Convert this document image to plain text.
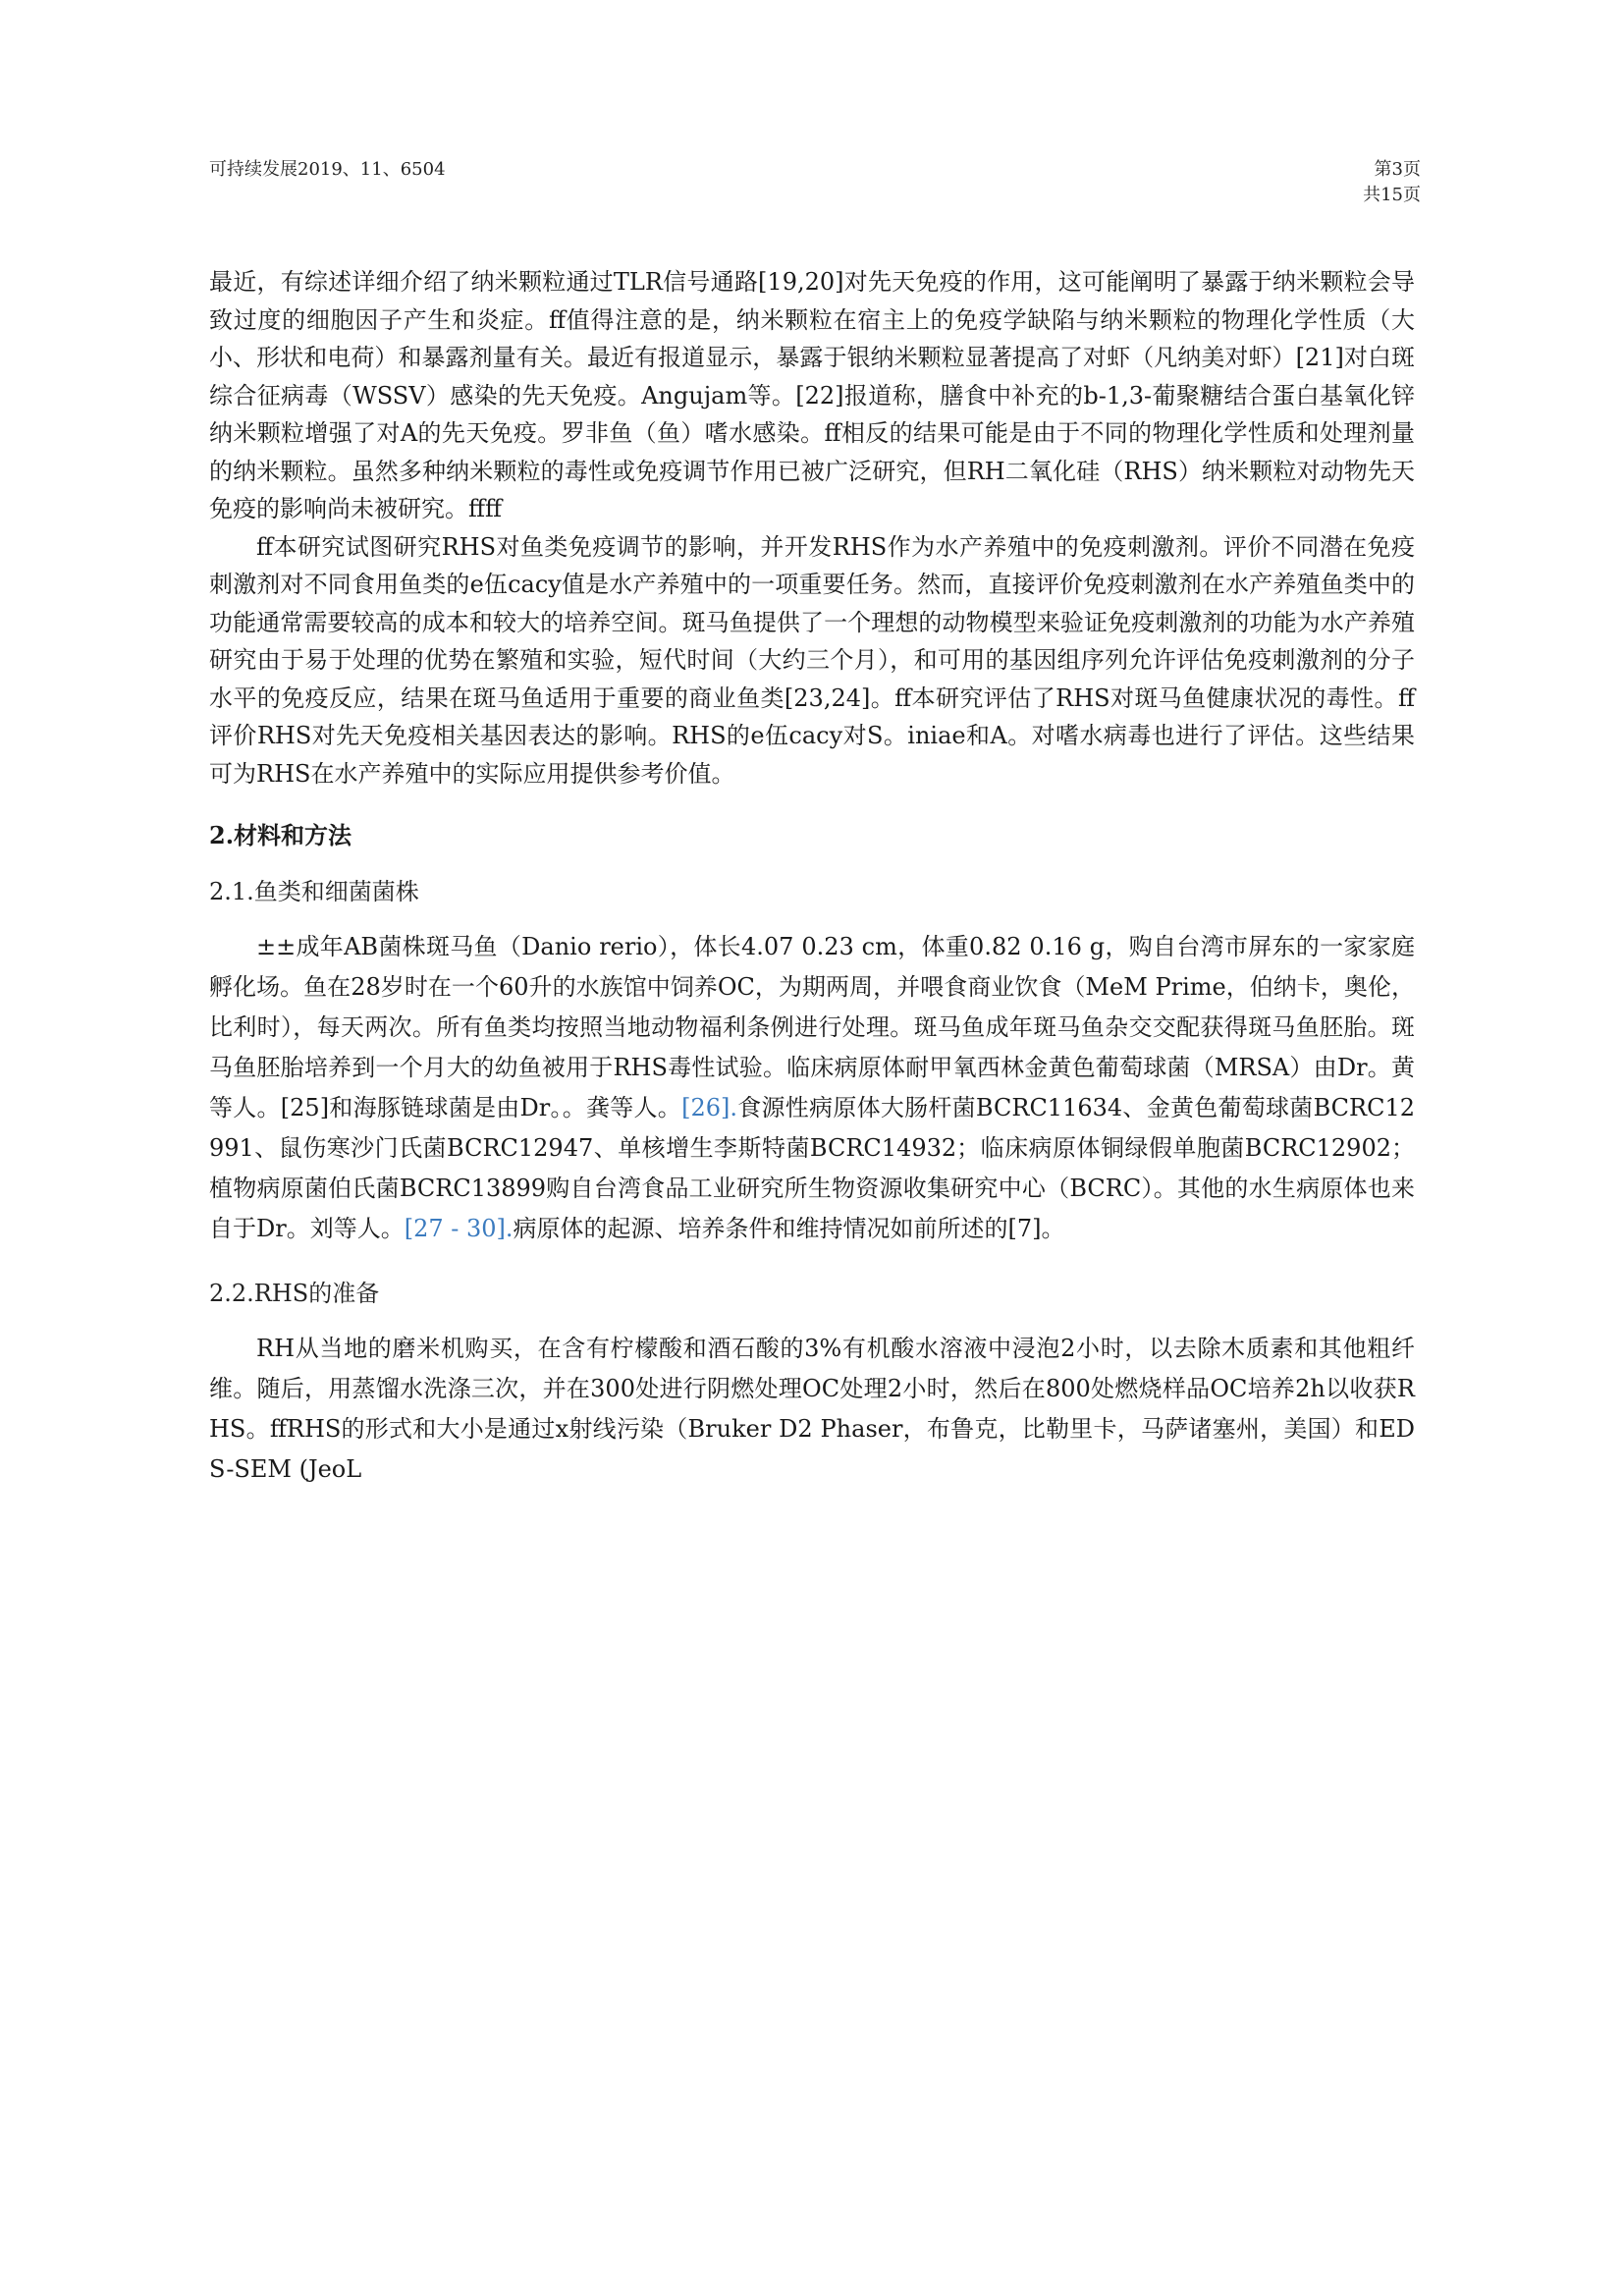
可持续发展2019、11、6504	第3页
共15页

最近，有综述详细介绍了纳米颗粒通过TLR信号通路[19,20]对先天免疫的作用，这可能阐明了暴露于纳米颗粒会导致过度的细胞因子产生和炎症。ﬀ值得注意的是，纳米颗粒在宿主上的免疫学缺陷与纳米颗粒的物理化学性质（大小、形状和电荷）和暴露剂量有关。最近有报道显示，暴露于银纳米颗粒显著提高了对虾（凡纳美对虾）[21]对白斑综合征病毒（WSSV）感染的先天免疫。Angujam等。[22]报道称，膳食中补充的b-1,3-葡聚糖结合蛋白基氧化锌纳米颗粒增强了对A的先天免疫。罗非鱼（鱼）嗜水感染。ﬀ相反的结果可能是由于不同的物理化学性质和处理剂量的纳米颗粒。虽然多种纳米颗粒的毒性或免疫调节作用已被广泛研究，但RH二氧化硅（RHS）纳米颗粒对动物先天免疫的影响尚未被研究。ﬀﬀ

ﬀ本研究试图研究RHS对鱼类免疫调节的影响，并开发RHS作为水产养殖中的免疫刺激剂。评价不同潜在免疫刺激剂对不同食用鱼类的e伍cacy值是水产养殖中的一项重要任务。然而，直接评价免疫刺激剂在水产养殖鱼类中的功能通常需要较高的成本和较大的培养空间。斑马鱼提供了一个理想的动物模型来验证免疫刺激剂的功能为水产养殖研究由于易于处理的优势在繁殖和实验，短代时间（大约三个月），和可用的基因组序列允许评估免疫刺激剂的分子水平的免疫反应，结果在斑马鱼适用于重要的商业鱼类[23,24]。ﬀ本研究评估了RHS对斑马鱼健康状况的毒性。ﬀ评价RHS对先天免疫相关基因表达的影响。RHS的e伍cacy对S。iniae和A。对嗜水病毒也进行了评估。这些结果可为RHS在水产养殖中的实际应用提供参考价值。

2.材料和方法
2.1.鱼类和细菌菌株

±±成年AB菌株斑马鱼（Danio rerio），体长4.07 0.23 cm，体重0.82 0.16 g，购自台湾市屏东的一家家庭孵化场。鱼在28岁时在一个60升的水族馆中饲养OC，为期两周，并喂食商业饮食（MeM Prime，伯纳卡，奥伦，比利时），每天两次。所有鱼类均按照当地动物福利条例进行处理。斑马鱼成年斑马鱼杂交交配获得斑马鱼胚胎。斑马鱼胚胎培养到一个月大的幼鱼被用于RHS毒性试验。临床病原体耐甲氧西林金黄色葡萄球菌（MRSA）由Dr。黄等人。[25]和海豚链球菌是由Dr。。龚等人。[26].食源性病原体大肠杆菌BCRC11634、金黄色葡萄球菌BCRC12991、鼠伤寒沙门氏菌BCRC12947、单核增生李斯特菌BCRC14932；临床病原体铜绿假单胞菌BCRC12902；植物病原菌伯氏菌BCRC13899购自台湾食品工业研究所生物资源收集研究中心（BCRC）。其他的水生病原体也来自于Dr。刘等人。[27 - 30].病原体的起源、培养条件和维持情况如前所述的[7]。

2.2.RHS的准备

RH从当地的磨米机购买，在含有柠檬酸和酒石酸的3%有机酸水溶液中浸泡2小时，以去除木质素和其他粗纤维。随后，用蒸馏水洗涤三次，并在300处进行阴燃处理OC处理2小时，然后在800处燃烧样品OC培养2h以收获RHS。ﬀRHS的形式和大小是通过x射线污染（Bruker D2 Phaser，布鲁克，比勒里卡，马萨诸塞州，美国）和EDS-SEM (JeoL
